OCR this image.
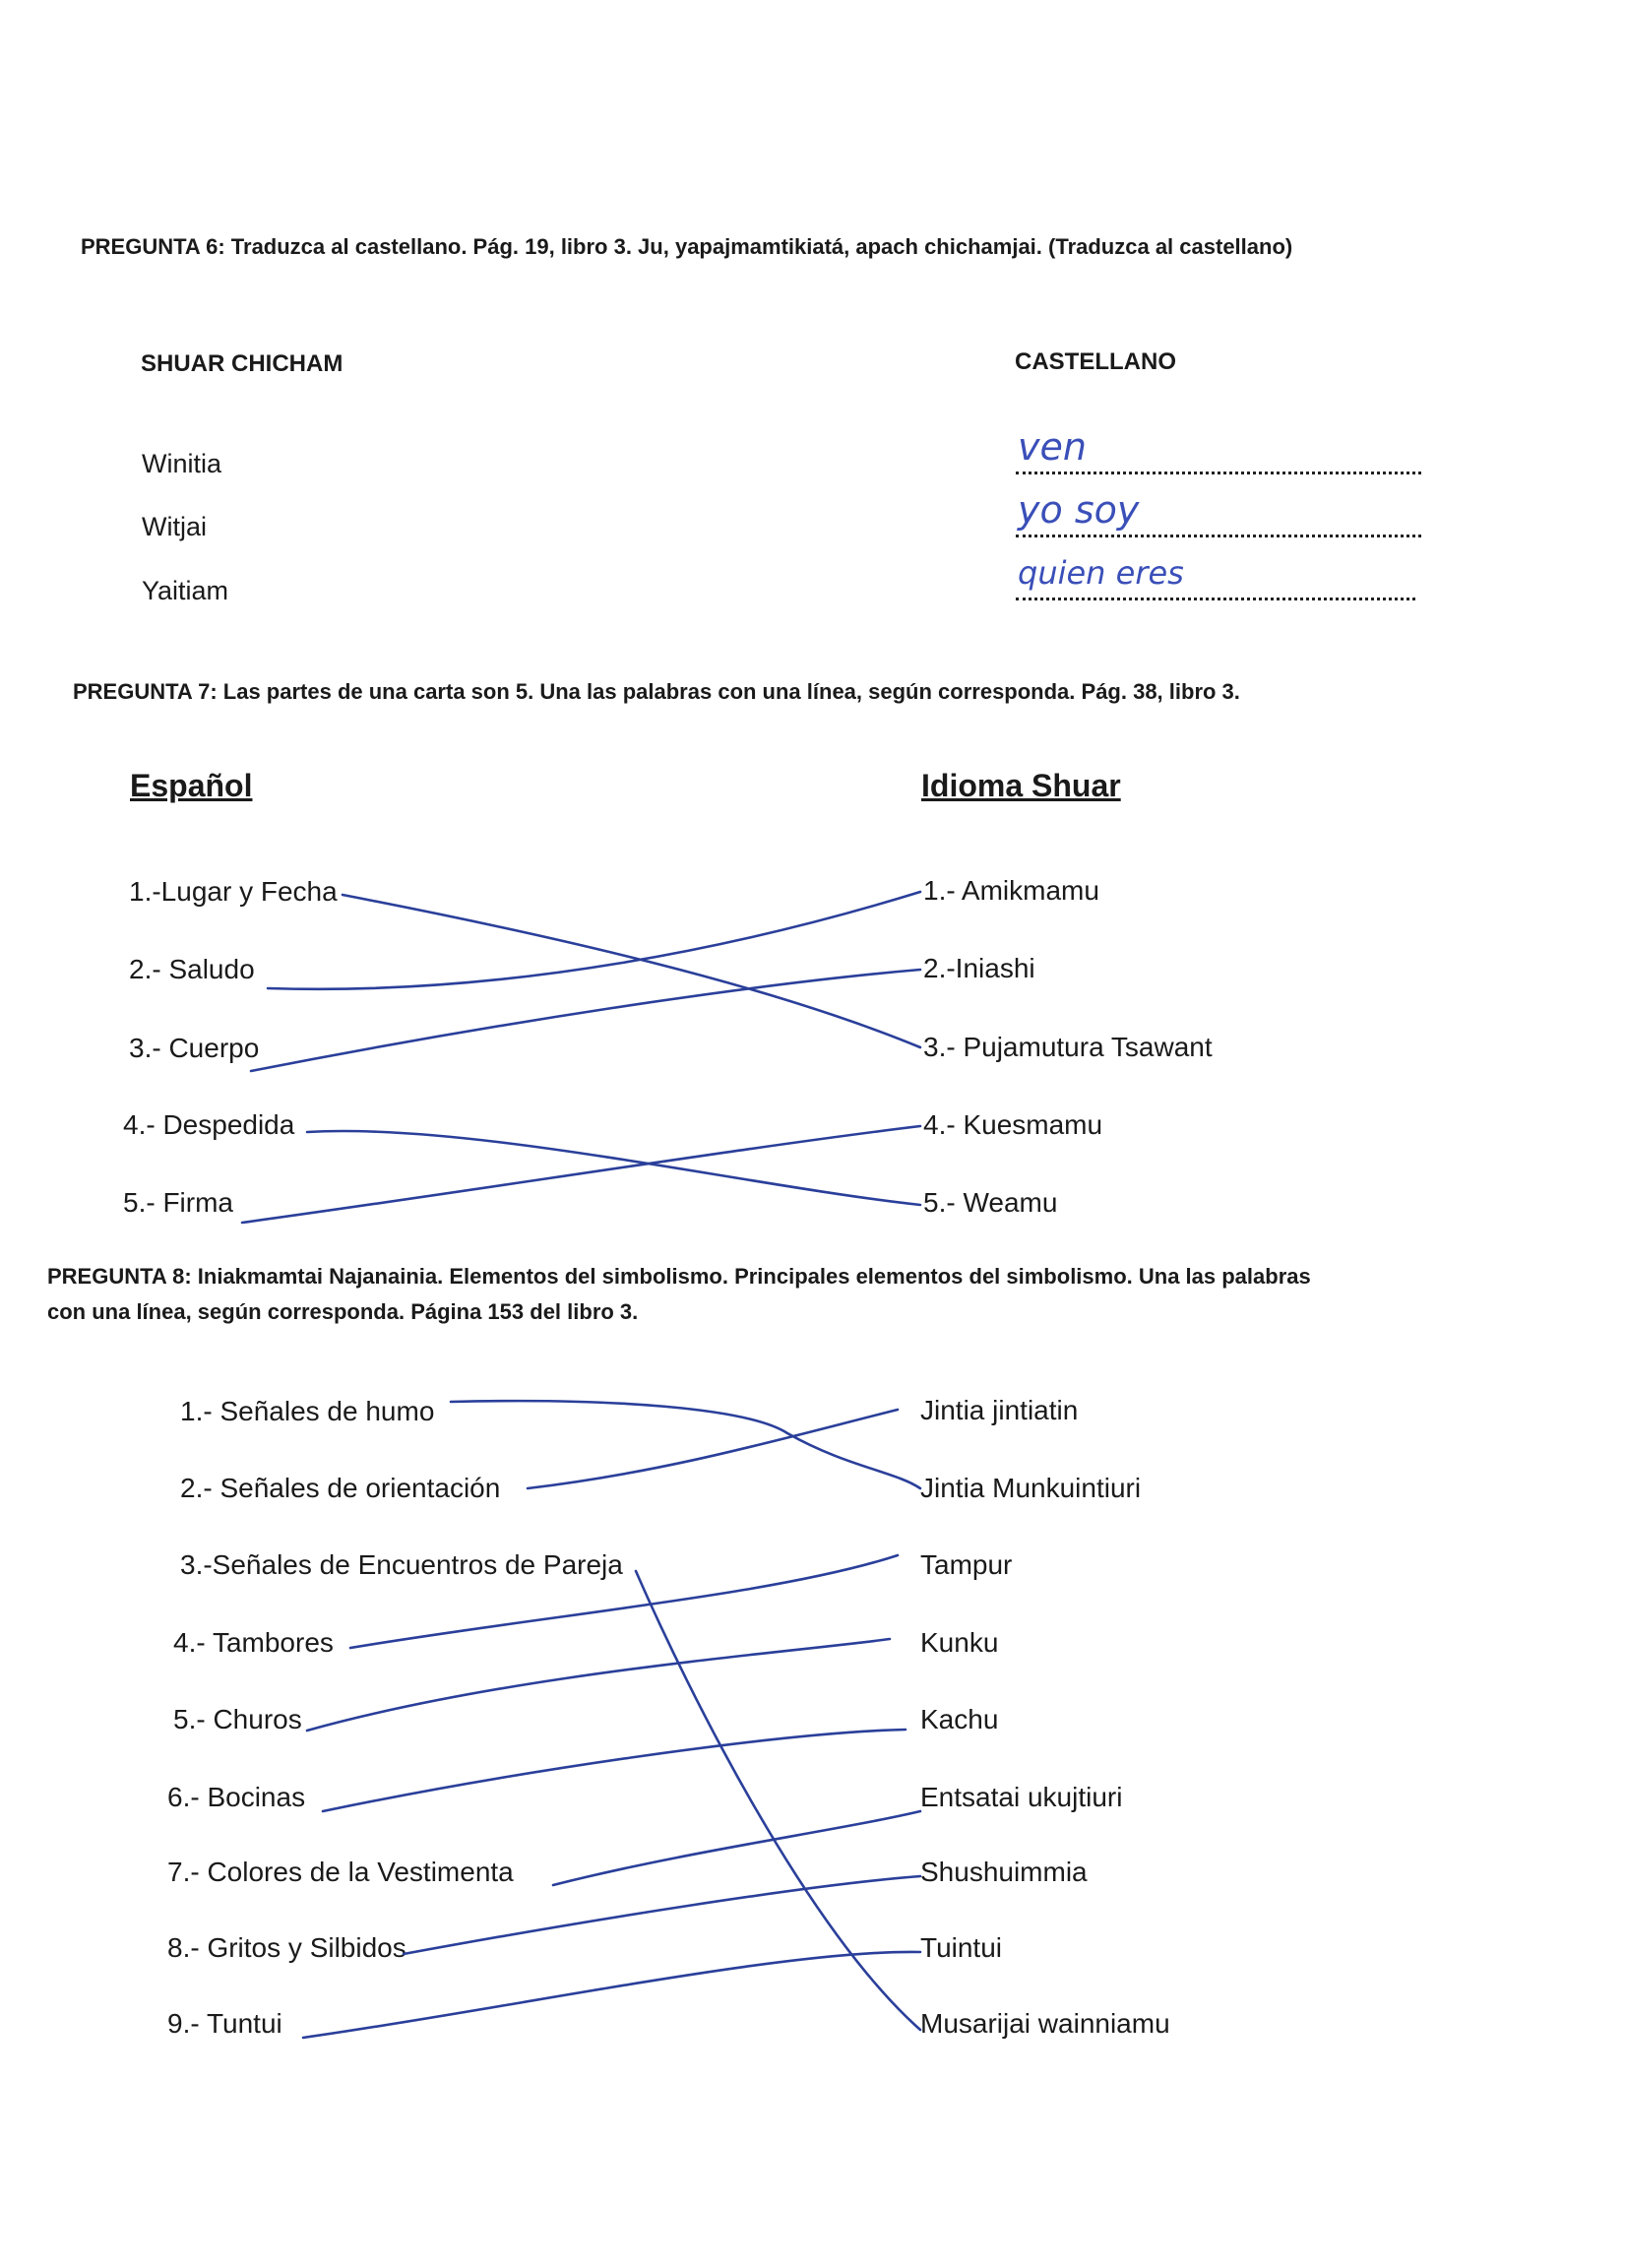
PREGUNTA 6: Traduzca al castellano. Pág. 19, libro 3. Ju, yapajmamtikiatá, apach chichamjai. (Traduzca al castellano)
SHUAR CHICHAM	CASTELLANO
Winitia
Witjai
Yaitiam
ven
yo soy
quien eres
PREGUNTA 7: Las partes de una carta son 5. Una las palabras con una línea, según corresponda. Pág. 38, libro 3.
Español	Idioma Shuar
1.-Lugar y Fecha
2.- Saludo
3.- Cuerpo
4.- Despedida
5.- Firma
1.- Amikmamu
2.-Iniashi
3.- Pujamutura Tsawant
4.- Kuesmamu
5.- Weamu
PREGUNTA 8: Iniakmamtai Najanainia. Elementos del simbolismo. Principales elementos del simbolismo. Una las palabras
con una línea, según corresponda. Página 153 del libro 3.
1.- Señales de humo
2.- Señales de orientación
3.-Señales de Encuentros de Pareja
4.- Tambores
5.- Churos
6.- Bocinas
7.- Colores de la Vestimenta
8.- Gritos y Silbidos
9.- Tuntui
Jintia jintiatin
Jintia Munkuintiuri
Tampur
Kunku
Kachu
Entsatai ukujtiuri
Shushuimmia
Tuintui
Musarijai wainniamu
